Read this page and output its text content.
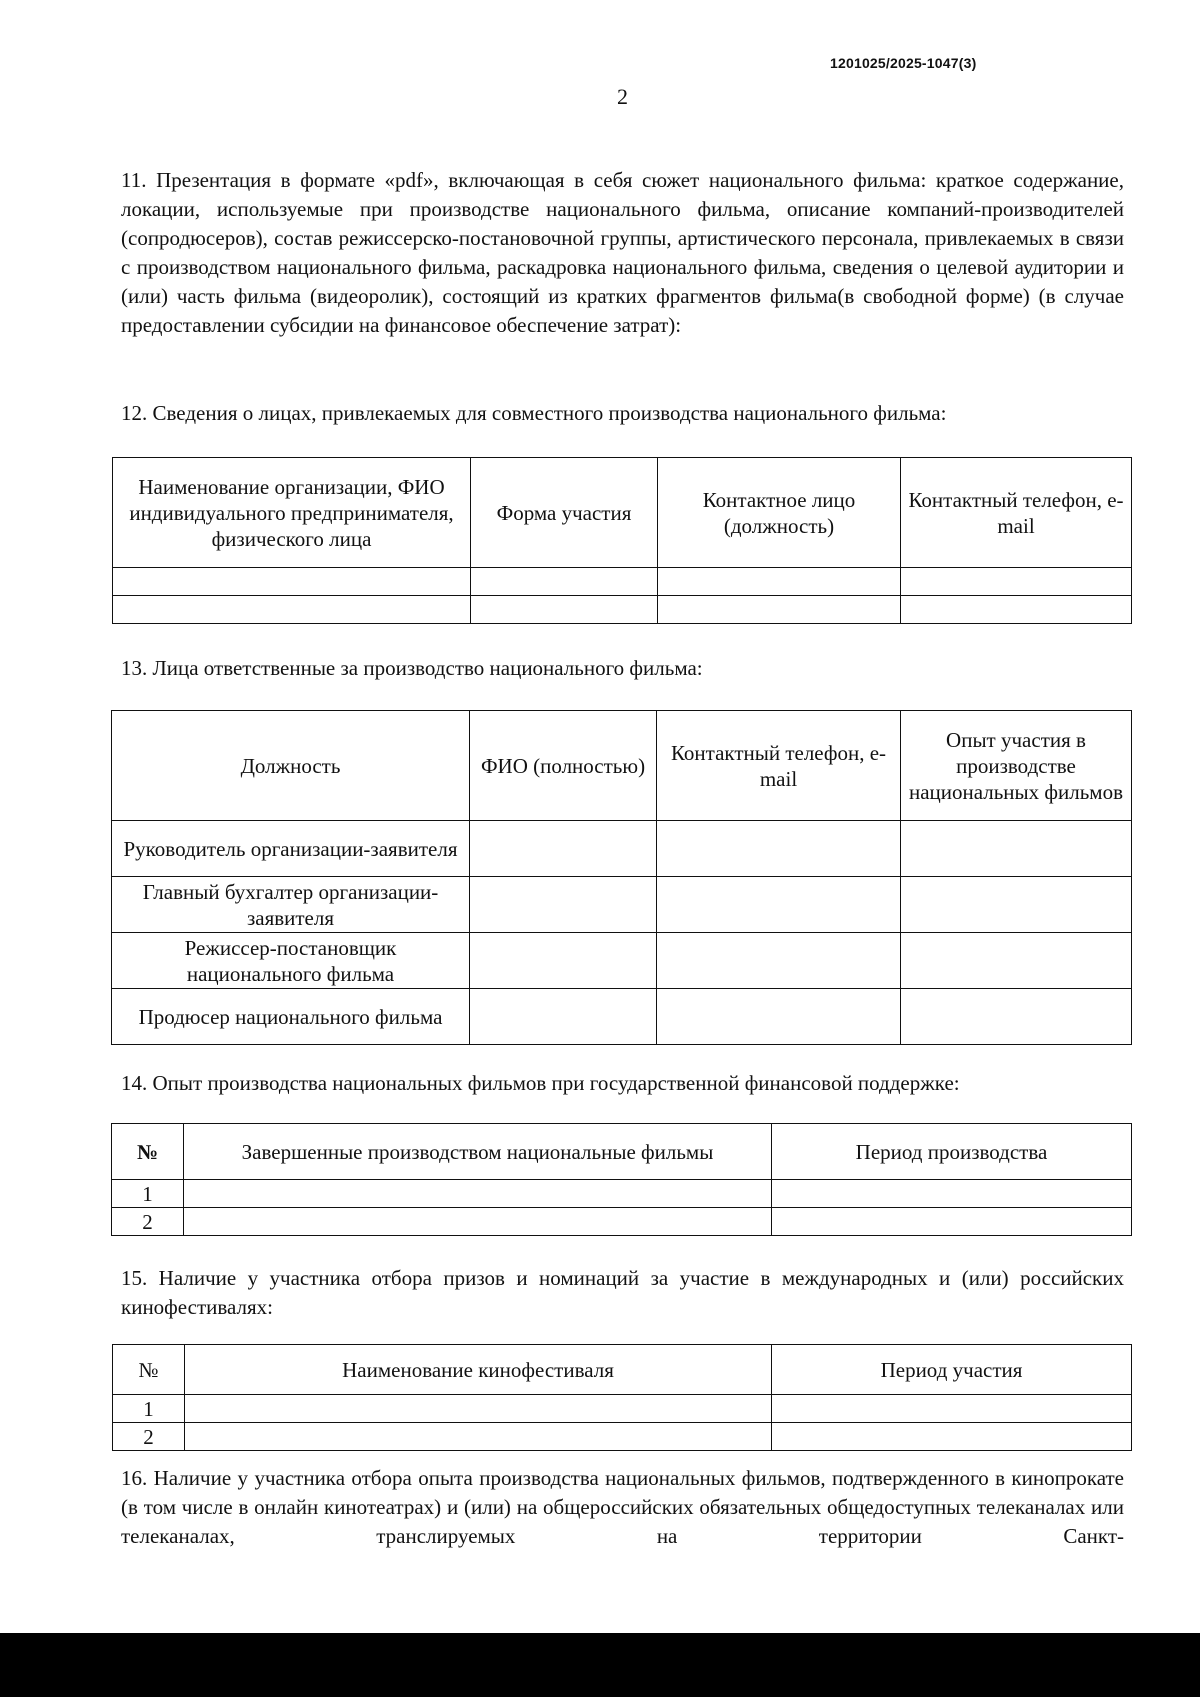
1201025/2025-1047(3)
2
11. Презентация в формате «pdf», включающая в себя сюжет национального фильма: краткое содержание, локации, используемые при производстве национального фильма, описание компаний-производителей (сопродюсеров), состав режиссерско-постановочной группы, артистического персонала, привлекаемых в связи с производством национального фильма, раскадровка национального фильма, сведения о целевой аудитории и (или) часть фильма (видеоролик), состоящий из кратких фрагментов фильма(в свободной форме) (в случае предоставлении субсидии на финансовое обеспечение затрат):
12. Сведения о лицах, привлекаемых для совместного производства национального фильма:
Наименование организации, ФИО индивидуального предпринимателя, физического лица	Форма участия	Контактное лицо (должность)	Контактный телефон, e-mail

13. Лица ответственные за производство национального фильма:
Должность	ФИО (полностью)	Контактный телефон, e-mail	Опыт участия в производстве национальных фильмов
Руководитель организации-заявителя			
Главный бухгалтер организации-заявителя			
Режиссер-постановщик национального фильма			
Продюсер национального фильма			
14. Опыт производства национальных фильмов при государственной финансовой поддержке:
№	Завершенные производством национальные фильмы	Период производства
1		
2		
15. Наличие у участника отбора призов и номинаций за участие в международных и (или) российских кинофестивалях:
№	Наименование кинофестиваля	Период участия
1		
2		
16. Наличие у участника отбора опыта производства национальных фильмов, подтвержденного в кинопрокате (в том числе в онлайн кинотеатрах) и (или) на общероссийских обязательных общедоступных телеканалах или телеканалах, транслируемых на территории Санкт-
